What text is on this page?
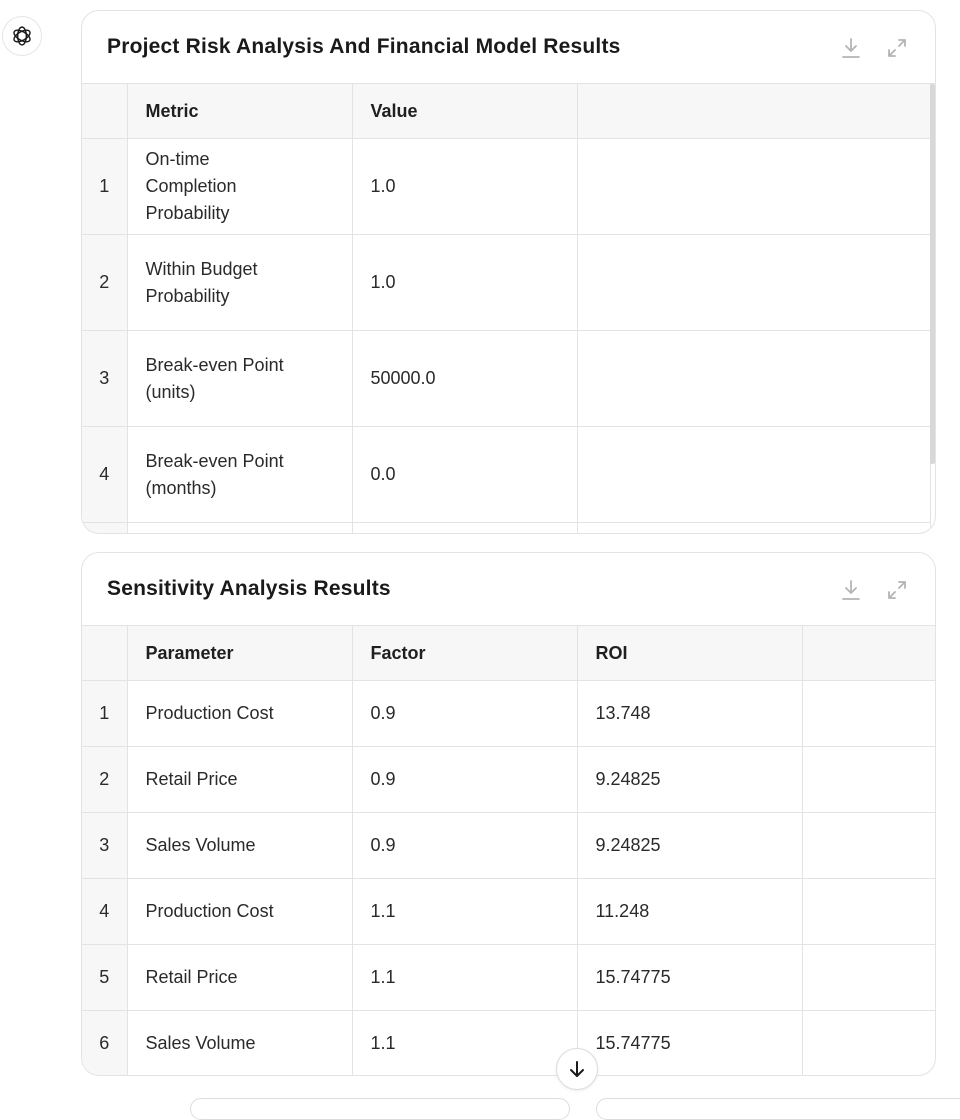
Project Risk Analysis And Financial Model Results
	Metric	Value	
1	On-time Completion Probability	1.0	
2	Within Budget Probability	1.0	
3	Break-even Point (units)	50000.0	
4	Break-even Point (months)	0.0	

Sensitivity Analysis Results
	Parameter	Factor	ROI	
1	Production Cost	0.9	13.748	
2	Retail Price	0.9	9.24825	
3	Sales Volume	0.9	9.24825	
4	Production Cost	1.1	11.248	
5	Retail Price	1.1	15.74775	
6	Sales Volume	1.1	15.74775	
